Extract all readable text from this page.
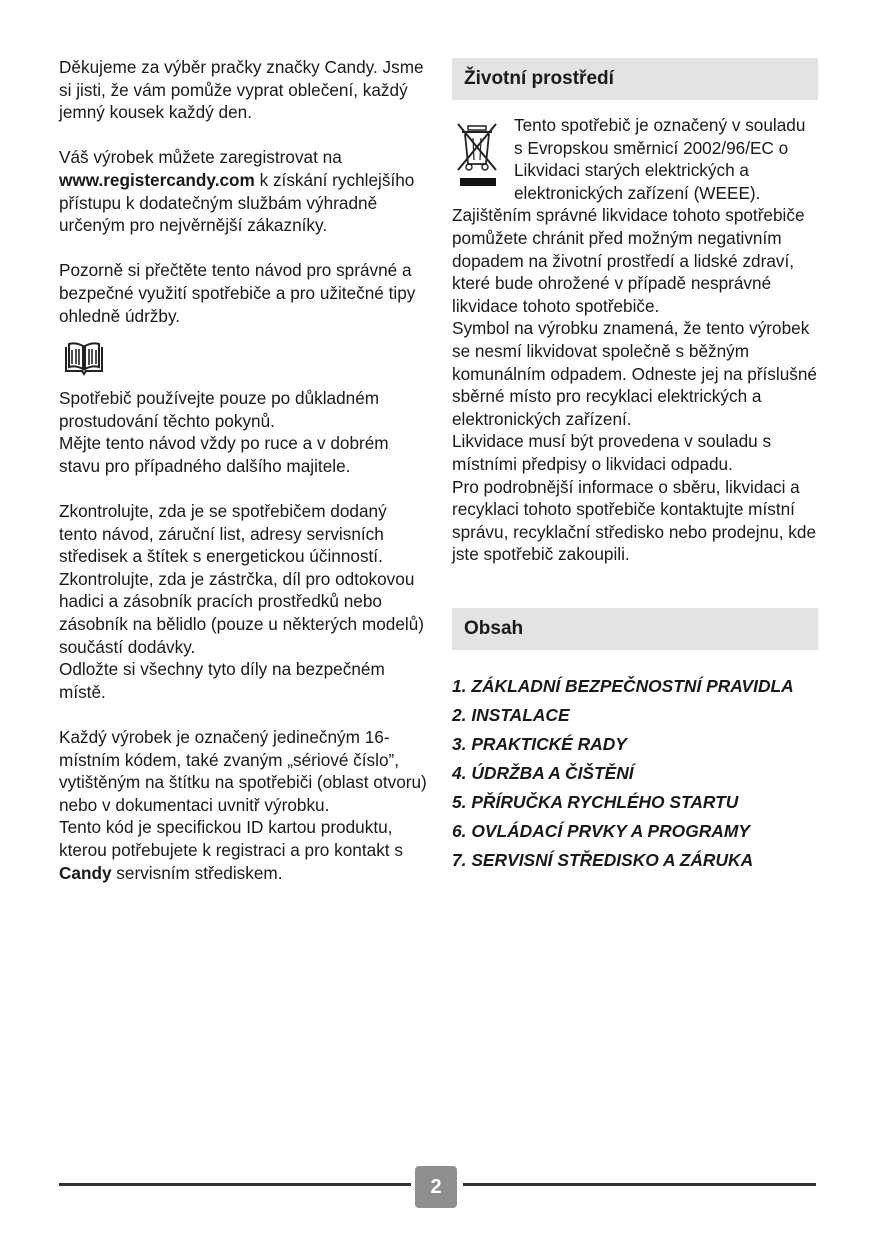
Děkujeme za výběr pračky značky Candy. Jsme si jisti, že vám pomůže vyprat oblečení, každý jemný kousek každý den.

Váš výrobek můžete zaregistrovat na www.registercandy.com k získání rychlejšího přístupu k dodatečným službám výhradně určeným pro nejvěrnější zákazníky.

Pozorně si přečtěte tento návod pro správné a bezpečné využití spotřebiče a pro užitečné tipy ohledně údržby.

Spotřebič používejte pouze po důkladném prostudování těchto pokynů.

Mějte tento návod vždy po ruce a v dobrém stavu pro případného dalšího majitele.

Zkontrolujte, zda je se spotřebičem dodaný tento návod, záruční list, adresy servisních středisek a štítek s energetickou účinností.

Zkontrolujte, zda je zástrčka, díl pro odtokovou hadici a zásobník pracích prostředků nebo zásobník na bělidlo (pouze u některých modelů) součástí dodávky.

Odložte si všechny tyto díly na bezpečném místě.

Každý výrobek je označený jedinečným 16-místním kódem, také zvaným „sériové číslo”, vytištěným na štítku na spotřebiči (oblast otvoru) nebo v dokumentaci uvnitř výrobku.

Tento kód je specifickou ID kartou produktu, kterou potřebujete k registraci a pro kontakt s Candy servisním střediskem.

Životní prostředí

Tento spotřebič je označený v souladu s Evropskou směrnicí 2002/96/EC o Likvidaci starých elektrických a elektronických zařízení (WEEE).

Zajištěním správné likvidace tohoto spotřebiče pomůžete chránit před možným negativním dopadem na životní prostředí a lidské zdraví, které bude ohrožené v případě nesprávné likvidace tohoto spotřebiče.

Symbol na výrobku znamená, že tento výrobek se nesmí likvidovat společně s běžným komunálním odpadem. Odneste jej na příslušné sběrné místo pro recyklaci elektrických a elektronických zařízení.

Likvidace musí být provedena v souladu s místními předpisy o likvidaci odpadu.

Pro podrobnější informace o sběru, likvidaci a recyklaci tohoto spotřebiče kontaktujte místní správu, recyklační středisko nebo prodejnu, kde jste spotřebič zakoupili.

Obsah
1. ZÁKLADNÍ BEZPEČNOSTNÍ PRAVIDLA
2. INSTALACE
3. PRAKTICKÉ RADY
4. ÚDRŽBA A ČIŠTĚNÍ
5. PŘÍRUČKA RYCHLÉHO STARTU
6. OVLÁDACÍ PRVKY A PROGRAMY
7. SERVISNÍ STŘEDISKO A ZÁRUKA
2
